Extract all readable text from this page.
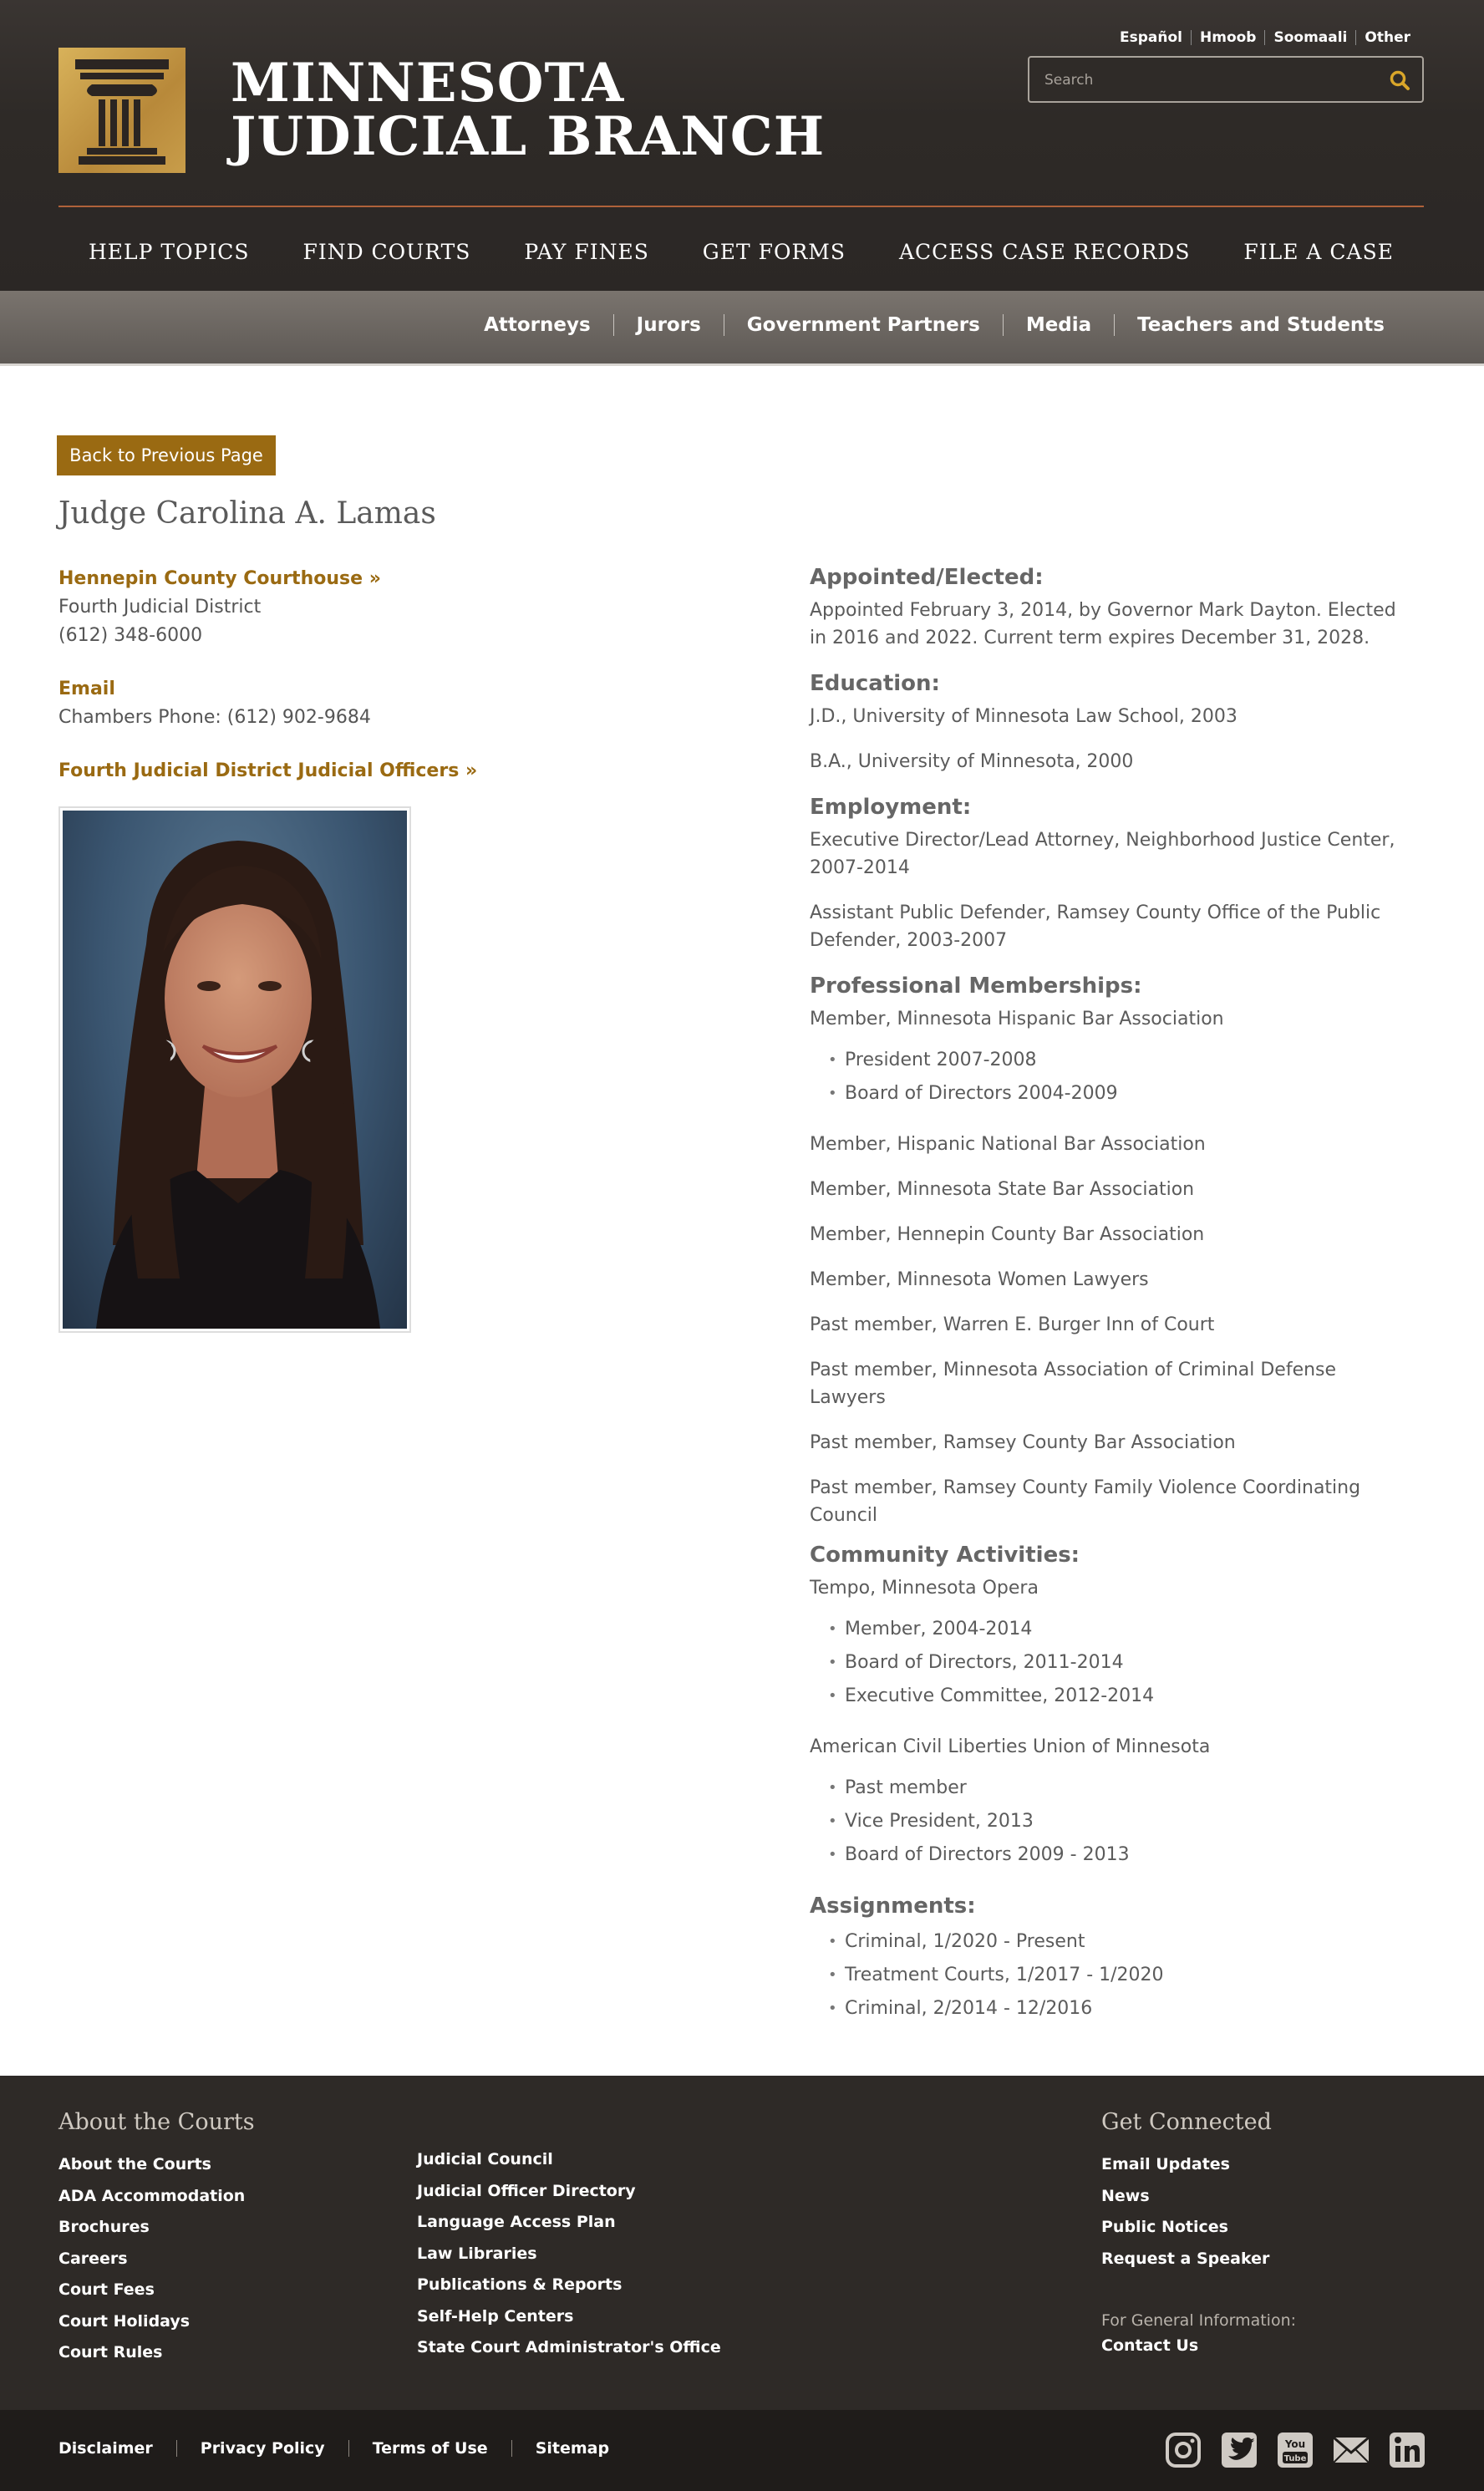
MINNESOTA
JUDICIAL BRANCH
Español	Hmoob	Soomaali	Other
Search
HELP TOPICS	FIND COURTS	PAY FINES	GET FORMS	ACCESS CASE RECORDS	FILE A CASE
Attorneys	Jurors	Government Partners	Media	Teachers and Students
Back to Previous Page
Judge Carolina A. Lamas
Hennepin County Courthouse »
Fourth Judicial District
(612) 348-6000
Email
Chambers Phone: (612) 902-9684
Fourth Judicial District Judicial Officers »
Appointed/Elected:

Appointed February 3, 2014, by Governor Mark Dayton. Elected in 2016 and 2022. Current term expires December 31, 2028.

Education:

J.D., University of Minnesota Law School, 2003

B.A., University of Minnesota, 2000

Employment:

Executive Director/Lead Attorney, Neighborhood Justice Center, 2007-2014

Assistant Public Defender, Ramsey County Office of the Public Defender, 2003-2007

Professional Memberships:

Member, Minnesota Hispanic Bar Association

• President 2007-2008
• Board of Directors 2004-2009

Member, Hispanic National Bar Association

Member, Minnesota State Bar Association

Member, Hennepin County Bar Association

Member, Minnesota Women Lawyers

Past member, Warren E. Burger Inn of Court

Past member, Minnesota Association of Criminal Defense Lawyers

Past member, Ramsey County Bar Association

Past member, Ramsey County Family Violence Coordinating Council

Community Activities:

Tempo, Minnesota Opera

• Member, 2004-2014
• Board of Directors, 2011-2014
• Executive Committee, 2012-2014

American Civil Liberties Union of Minnesota

• Past member
• Vice President, 2013
• Board of Directors 2009 - 2013
Assignments:
• Criminal, 1/2020 - Present
• Treatment Courts, 1/2017 - 1/2020
• Criminal, 2/2014 - 12/2016
About the Courts
About the Courts
ADA Accommodation
Brochures
Careers
Court Fees
Court Holidays
Court Rules
Judicial Council
Judicial Officer Directory
Language Access Plan
Law Libraries
Publications & Reports
Self-Help Centers
State Court Administrator's Office
Get Connected
Email Updates
News
Public Notices
Request a Speaker
For General Information:
Contact Us
Disclaimer	Privacy Policy	Terms of Use	Sitemap	You
Tube
